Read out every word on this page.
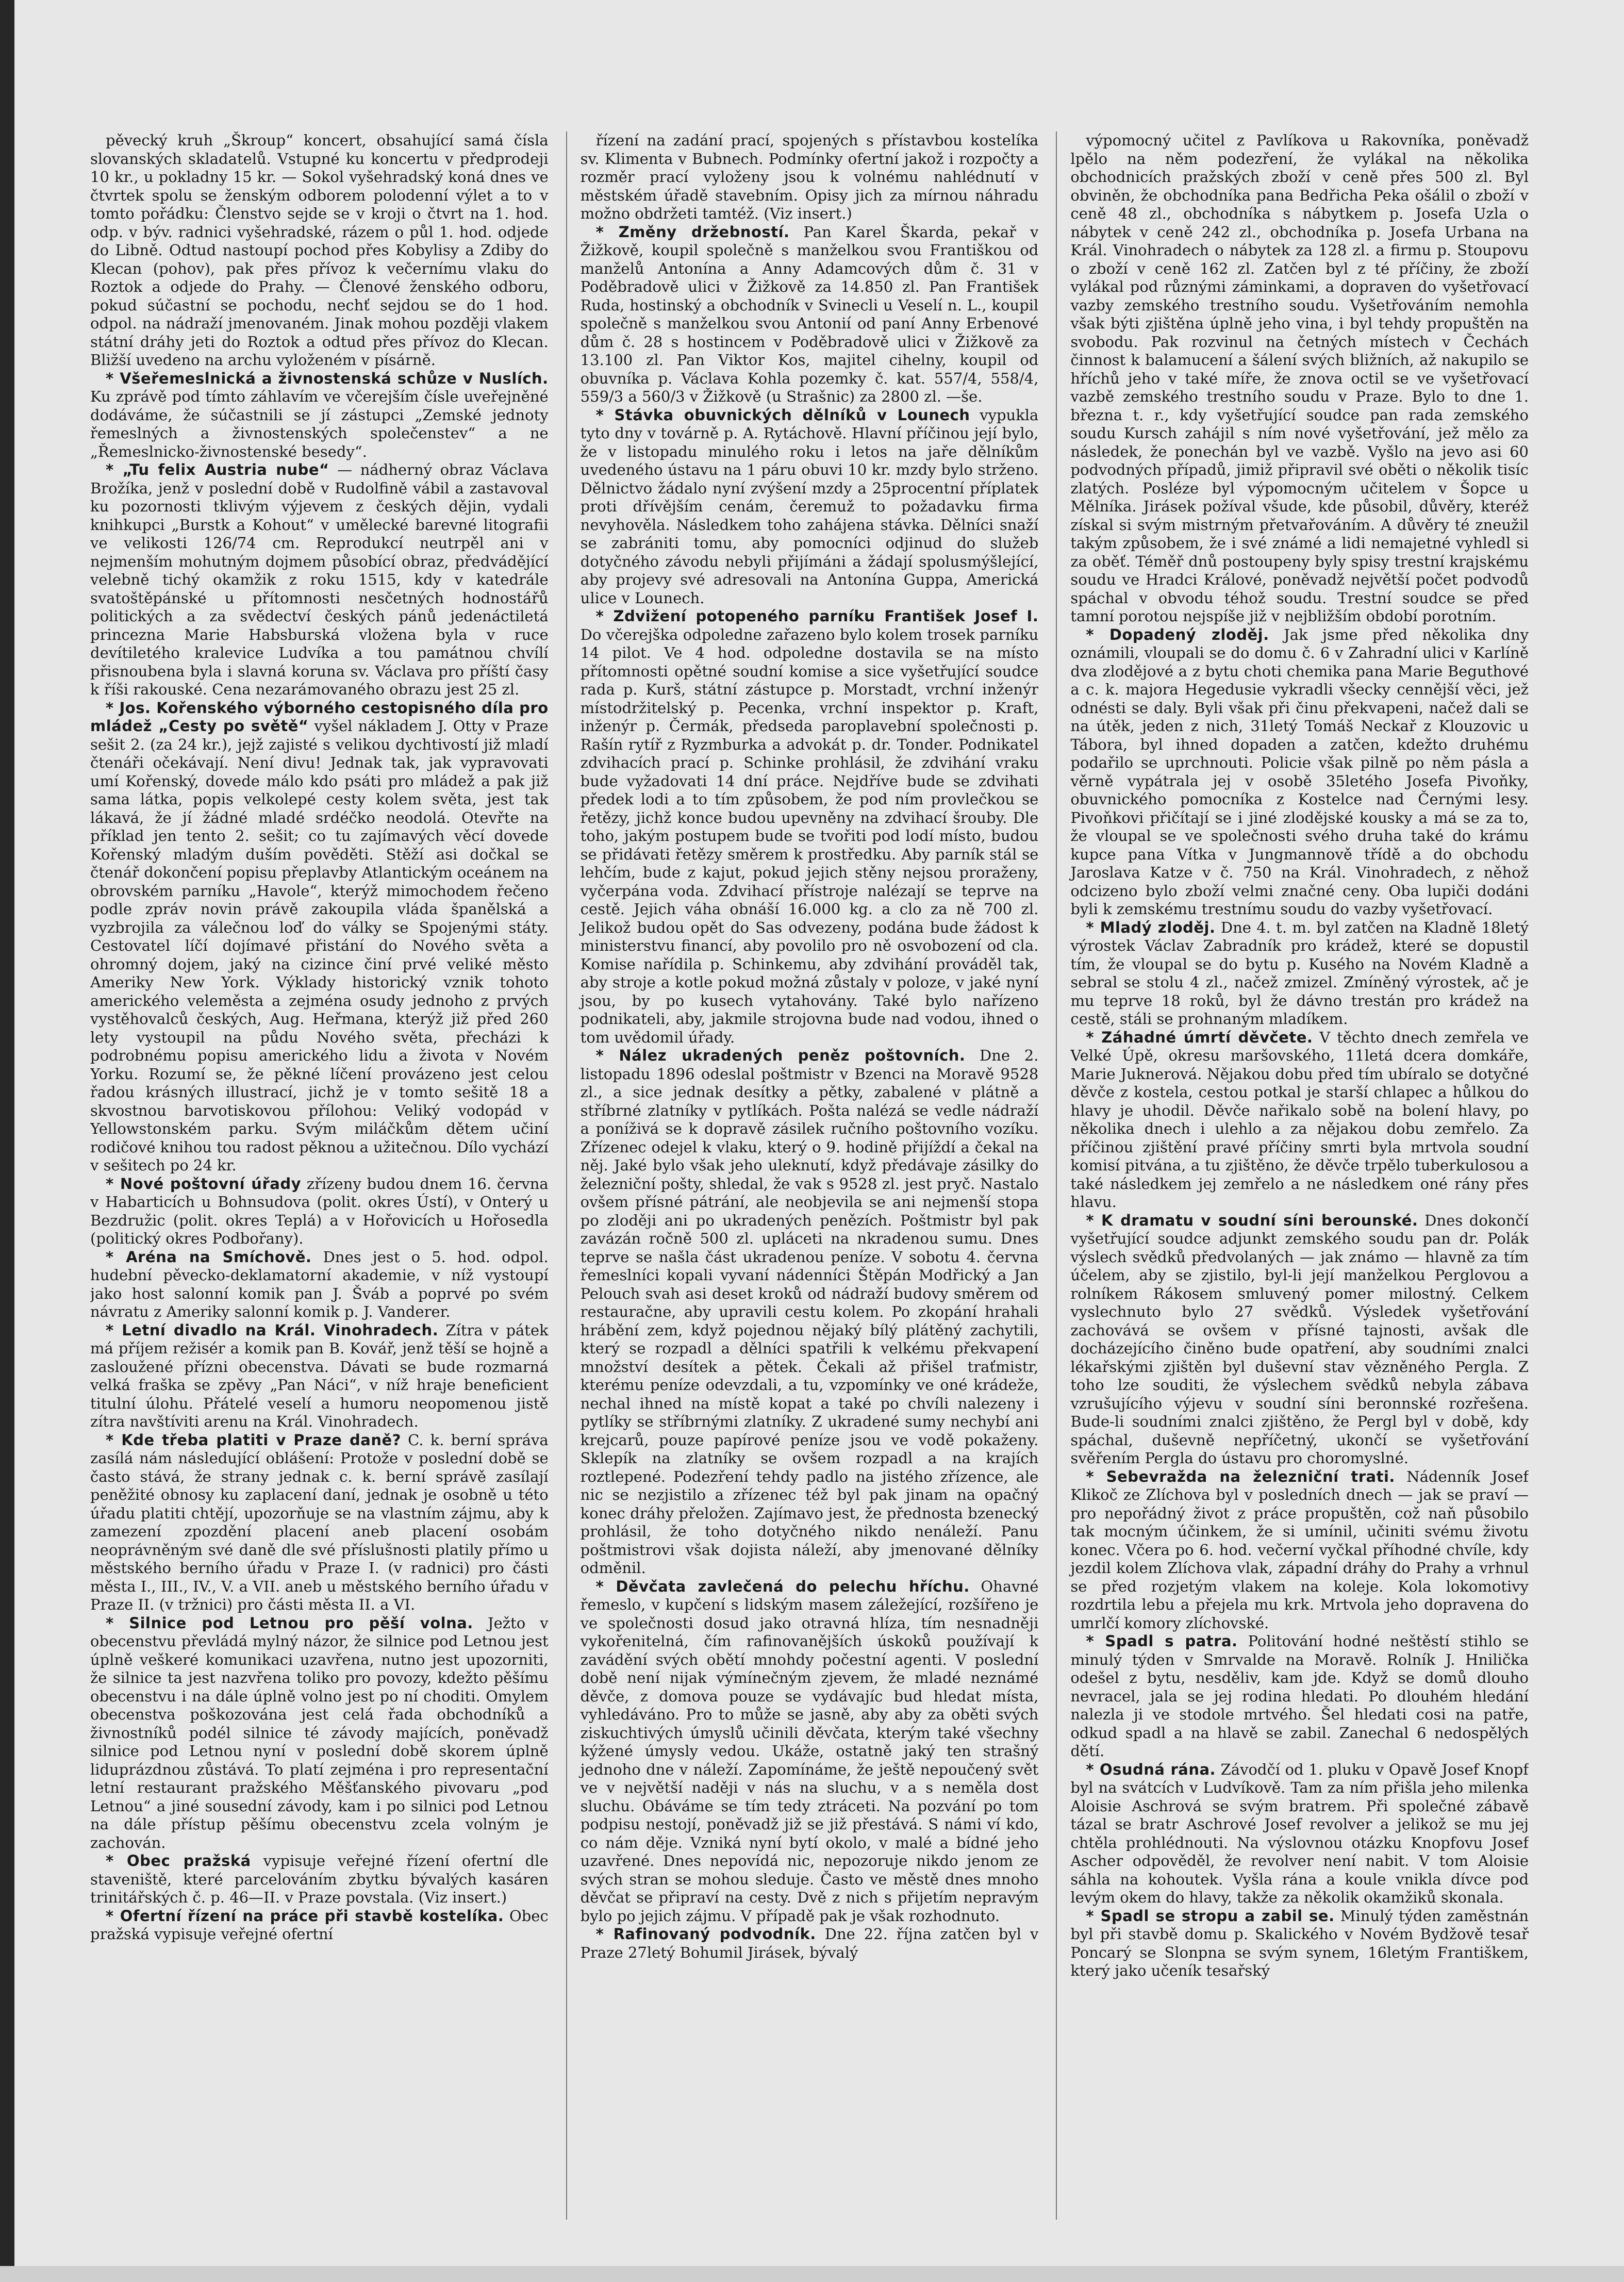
pěvecký kruh „Škroup“ koncert, obsahující samá čísla slovanských skladatelů. Vstupné ku koncertu v předprodeji 10 kr., u pokladny 15 kr. — Sokol vyšehradský koná dnes ve čtvrtek spolu se ženským odborem polodenní výlet a to v tomto pořádku: Členstvo sejde se v kroji o čtvrt na 1. hod. odp. v býv. radnici vyšehradské, rázem o půl 1. hod. odjede do Libně. Odtud nastoupí pochod přes Kobylisy a Zdiby do Klecan (pohov), pak přes přívoz k večernímu vlaku do Roztok a odjede do Prahy. — Členové ženského odboru, pokud súčastní se pochodu, nechť sejdou se do 1 hod. odpol. na nádraží jmenovaném. Jinak mohou později vlakem státní dráhy jeti do Roztok a odtud přes přívoz do Klecan. Bližší uvedeno na archu vyloženém v písárně.

* Všeřemeslnická a živnostenská schůze v Nuslích. Ku zprávě pod tímto záhlavím ve včerejším čísle uveřejněné dodáváme, že súčastnili se jí zástupci „Zemské jednoty řemeslných a živnostenských společenstev“ a ne „Řemeslnicko-živnostenské besedy“.

* „Tu felix Austria nube“ — nádherný obraz Václava Brožíka, jenž v poslední době v Rudolfině vábil a zastavoval ku pozornosti tklivým výjevem z českých dějin, vydali knihkupci „Burstk a Kohout“ v umělecké barevné litografii ve velikosti 126/74 cm. Reprodukcí neutrpěl ani v nejmenším mohutným dojmem působící obraz, předvádějící velebně tichý okamžik z roku 1515, kdy v katedrále svatoštěpánské u přítomnosti nesčetných hodnostářů politických a za svědectví českých pánů jedenáctiletá princezna Marie Habsburská vložena byla v ruce devítiletého kralevice Ludvíka a tou památnou chvílí přisnoubena byla i slavná koruna sv. Václava pro příští časy k říši rakouské. Cena nezarámovaného obrazu jest 25 zl.

* Jos. Kořenského výborného cestopisného díla pro mládež „Cesty po světě“ vyšel nákladem J. Otty v Praze sešit 2. (za 24 kr.), jejž zajisté s velikou dychtivostí již mladí čtenáři očekávají. Není divu! Jednak tak, jak vypravovati umí Kořenský, dovede málo kdo psáti pro mládež a pak již sama látka, popis velkolepé cesty kolem světa, jest tak lákavá, že jí žádné mladé srdéčko neodolá. Otevřte na příklad jen tento 2. sešit; co tu zajímavých věcí dovede Kořenský mladým duším pověděti. Stěží asi dočkal se čtenář dokončení popisu přeplavby Atlantickým oceánem na obrovském parníku „Havole“, kterýž mimochodem řečeno podle zpráv novin právě zakoupila vláda španělská a vyzbrojila za válečnou loď do války se Spojenými státy. Cestovatel líčí dojímavé přistání do Nového světa a ohromný dojem, jaký na cizince činí prvé veliké město Ameriky New York. Výklady historický vznik tohoto amerického veleměsta a zejména osudy jednoho z prvých vystěhovalců českých, Aug. Heřmana, kterýž již před 260 lety vystoupil na půdu Nového světa, přecházi k podrobnému popisu amerického lidu a života v Novém Yorku. Rozumí se, že pěkné líčení provázeno jest celou řadou krásných illustrací, jichž je v tomto sešitě 18 a skvostnou barvotiskovou přílohou: Veliký vodopád v Yellowstonském parku. Svým miláčkům dětem učiní rodičové knihou tou radost pěknou a užitečnou. Dílo vychází v sešitech po 24 kr.

* Nové poštovní úřady zřízeny budou dnem 16. června v Habarticích u Bohnsudova (polit. okres Ústí), v Onterý u Bezdružic (polit. okres Teplá) a v Hořovicích u Hořosedla (politický okres Podbořany).

* Aréna na Smíchově. Dnes jest o 5. hod. odpol. hudební pěvecko-deklamatorní akademie, v níž vystoupí jako host salonní komik pan J. Šváb a poprvé po svém návratu z Ameriky salonní komik p. J. Vanderer.

* Letní divadlo na Král. Vinohradech. Zítra v pátek má příjem režisér a komik pan B. Kovář, jenž těší se hojně a zasloužené přízni obecenstva. Dávati se bude rozmarná velká fraška se zpěvy „Pan Náci“, v níž hraje beneficient titulní úlohu. Přátelé veselí a humoru neopomenou jistě zítra navštíviti arenu na Král. Vinohradech.

* Kde třeba platiti v Praze daně? C. k. berní správa zasílá nám následující oblášení: Protože v poslední době se často stává, že strany jednak c. k. berní správě zasílají peněžité obnosy ku zaplacení daní, jednak je osobně u této úřadu platiti chtějí, upozorňuje se na vlastním zájmu, aby k zamezení zpozdění placení aneb placení osobám neoprávněným své daně dle své příslušnosti platily přímo u městského berního úřadu v Praze I. (v radnici) pro části města I., III., IV., V. a VII. aneb u městského berního úřadu v Praze II. (v tržnici) pro části města II. a VI.

* Silnice pod Letnou pro pěší volna. Ježto v obecenstvu převládá mylný názor, že silnice pod Letnou jest úplně veškeré komunikaci uzavřena, nutno jest upozorniti, že silnice ta jest nazvřena toliko pro povozy, kdežto pěšímu obecenstvu i na dále úplně volno jest po ní choditi. Omylem obecenstva poškozována jest celá řada obchodníků a živnostníků podél silnice té závody majících, poněvadž silnice pod Letnou nyní v poslední době skorem úplně liduprázdnou zůstává. To platí zejména i pro representační letní restaurant pražského Měšťanského pivovaru „pod Letnou“ a jiné sousední závody, kam i po silnici pod Letnou na dále přístup pěšímu obecenstvu zcela volným je zachován.

* Obec pražská vypisuje veřejné řízení ofertní dle staveniště, které parcelováním zbytku bývalých kasáren trinitářských č. p. 46—II. v Praze povstala. (Viz insert.)

* Ofertní řízení na práce při stavbě kostelíka. Obec pražská vypisuje veřejné ofertní

řízení na zadání prací, spojených s přístavbou kostelíka sv. Klimenta v Bubnech. Podmínky ofertní jakož i rozpočty a rozměr prací vyloženy jsou k volnému nahlédnutí v městském úřadě stavebním. Opisy jich za mírnou náhradu možno obdržeti tamtéž. (Viz insert.)

* Změny držebností. Pan Karel Škarda, pekař v Žižkově, koupil společně s manželkou svou Františkou od manželů Antonína a Anny Adamcových dům č. 31 v Poděbradově ulici v Žižkově za 14.850 zl. Pan František Ruda, hostinský a obchodník v Svinecli u Veselí n. L., koupil společně s manželkou svou Antonií od paní Anny Erbenové dům č. 28 s hostincem v Poděbradově ulici v Žižkově za 13.100 zl. Pan Viktor Kos, majitel cihelny, koupil od obuvníka p. Václava Kohla pozemky č. kat. 557/4, 558/4, 559/3 a 560/3 v Žižkově (u Strašnic) za 2800 zl. —še.

* Stávka obuvnických dělníků v Lounech vypukla tyto dny v továrně p. A. Rytáchově. Hlavní příčinou její bylo, že v listopadu minulého roku i letos na jaře dělníkům uvedeného ústavu na 1 páru obuvi 10 kr. mzdy bylo strženo. Dělnictvo žádalo nyní zvýšení mzdy a 25procentní příplatek proti dřívějším cenám, čeremuž to požadavku firma nevyhověla. Následkem toho zahájena stávka. Dělníci snaží se zabrániti tomu, aby pomocníci odjinud do služeb dotyčného závodu nebyli přijímáni a žádají spolusmýšlející, aby projevy své adresovali na Antonína Guppa, Americká ulice v Lounech.

* Zdvižení potopeného parníku František Josef I. Do včerejška odpoledne zařazeno bylo kolem trosek parníku 14 pilot. Ve 4 hod. odpoledne dostavila se na místo přítomnosti opětné soudní komise a sice vyšetřující soudce rada p. Kurš, státní zástupce p. Morstadt, vrchní inženýr místodržitelský p. Pecenka, vrchní inspektor p. Kraft, inženýr p. Čermák, předseda paroplavební společnosti p. Rašín rytíř z Ryzmburka a advokát p. dr. Tonder. Podnikatel zdvihacích prací p. Schinke prohlásil, že zdvihání vraku bude vyžadovati 14 dní práce. Nejdříve bude se zdvihati předek lodi a to tím způsobem, že pod ním provlečkou se řetězy, jichž konce budou upevněny na zdvihací šrouby. Dle toho, jakým postupem bude se tvořiti pod lodí místo, budou se přidávati řetězy směrem k prostředku. Aby parník stál se lehčím, bude z kajut, pokud jejich stěny nejsou proraženy, vyčerpána voda. Zdvihací přístroje nalézají se teprve na cestě. Jejich váha obnáší 16.000 kg. a clo za ně 700 zl. Jelikož budou opět do Sas odvezeny, podána bude žádost k ministerstvu financí, aby povolilo pro ně osvobození od cla. Komise nařídila p. Schinkemu, aby zdvihání prováděl tak, aby stroje a kotle pokud možná zůstaly v poloze, v jaké nyní jsou, by po kusech vytahovány. Také bylo nařízeno podnikateli, aby, jakmile strojovna bude nad vodou, ihned o tom uvědomil úřady.

* Nález ukradených peněz poštovních. Dne 2. listopadu 1896 odeslal poštmistr v Bzenci na Moravě 9528 zl., a sice jednak desítky a pětky, zabalené v plátně a stříbrné zlatníky v pytlíkách. Pošta nalézá se vedle nádraží a poníživá se k dopravě zásilek ručního poštovního vozíku. Zřízenec odejel k vlaku, který o 9. hodině přijíždí a čekal na něj. Jaké bylo však jeho uleknutí, když předávaje zásilky do železniční pošty, shledal, že vak s 9528 zl. jest pryč. Nastalo ovšem přísné pátrání, ale neobjevila se ani nejmenší stopa po zloději ani po ukradených penězích. Poštmistr byl pak zavázán ročně 500 zl. upláceti na nkradenou sumu. Dnes teprve se našla část ukradenou peníze. V sobotu 4. června řemeslníci kopali vyvaní nádenníci Štěpán Modřický a Jan Pelouch svah asi deset kroků od nádraží budovy směrem od restauračne, aby upravili cestu kolem. Po zkopání hrahali hrábění zem, když pojednou nějaký bílý plátěný zachytili, který se rozpadl a dělníci spatřili k velkému překvapení množství desítek a pětek. Čekali až přišel traťmistr, kterému peníze odevzdali, a tu, vzpomínky ve oné krádeže, nechal ihned na místě kopat a také po chvíli nalezeny i pytlíky se stříbrnými zlatníky. Z ukradené sumy nechybí ani krejcarů, pouze papírové peníze jsou ve vodě pokaženy. Sklepík na zlatníky se ovšem rozpadl a na krajích roztlepené. Podezření tehdy padlo na jistého zřízence, ale nic se nezjistilo a zřízenec též byl pak jinam na opačný konec dráhy přeložen. Zajímavo jest, že přednosta bzenecký prohlásil, že toho dotyčného nikdo nenáleží. Panu poštmistrovi však dojista náleží, aby jmenované dělníky odměnil.

* Děvčata zavlečená do pelechu hříchu. Ohavné řemeslo, v kupčení s lidským masem záležející, rozšířeno je ve společnosti dosud jako otravná hlíza, tím nesnadněji vykořenitelná, čím rafinovanějších úskoků používají k zavádění svých obětí mnohdy počestní agenti. V poslední době není nijak výmínečným zjevem, že mladé neznámé děvče, z domova pouze se vydávajíc bud hledat místa, vyhledáváno. Pro to může se jasně, aby aby za oběti svých ziskuchtivých úmyslů učinili děvčata, kterým také všechny kýžené úmysly vedou. Ukáže, ostatně jaký ten strašný jednoho dne v náleží. Zapomínáme, že ještě nepoučený svět ve v největší naději v nás na sluchu, v a s neměla dost sluchu. Obáváme se tím tedy ztráceti. Na pozvání po tom podpisu nestojí, poněvadž již se již přestává. S námi ví kdo, co nám děje. Vzniká nyní bytí okolo, v malé a bídné jeho uzavřené. Dnes nepovídá nic, nepozoruje nikdo jenom ze svých stran se mohou sleduje. Často ve městě dnes mnoho děvčat se připraví na cesty. Dvě z nich s přijetím nepravým bylo po jejich zájmu. V případě pak je však rozhodnuto.

* Rafinovaný podvodník. Dne 22. října zatčen byl v Praze 27letý Bohumil Jirásek, bývalý

výpomocný učitel z Pavlíkova u Rakovníka, poněvadž lpělo na něm podezření, že vylákal na několika obchodnicích pražských zboží v ceně přes 500 zl. Byl obviněn, že obchodníka pana Bedřicha Peka ošálil o zboží v ceně 48 zl., obchodníka s nábytkem p. Josefa Uzla o nábytek v ceně 242 zl., obchodníka p. Josefa Urbana na Král. Vinohradech o nábytek za 128 zl. a firmu p. Stoupovu o zboží v ceně 162 zl. Zatčen byl z té příčiny, že zboží vylákal pod různými záminkami, a dopraven do vyšetřovací vazby zemského trestního soudu. Vyšetřováním nemohla však býti zjištěna úplně jeho vina, i byl tehdy propuštěn na svobodu. Pak rozvinul na četných místech v Čechách činnost k balamucení a šálení svých bližních, až nakupilo se hříchů jeho v také míře, že znova octil se ve vyšetřovací vazbě zemského trestního soudu v Praze. Bylo to dne 1. března t. r., kdy vyšetřující soudce pan rada zemského soudu Kursch zahájil s ním nové vyšetřování, jež mělo za následek, že ponechán byl ve vazbě. Vyšlo na jevo asi 60 podvodných případů, jimiž připravil své oběti o několik tisíc zlatých. Posléze byl výpomocným učitelem v Šopce u Mělníka. Jirásek požíval všude, kde působil, důvěry, kteréž získal si svým mistrným přetvařováním. A důvěry té zneužil takým způsobem, že i své známé a lidi nemajetné vyhledl si za oběť. Téměř dnů postoupeny byly spisy trestní krajskému soudu ve Hradci Králové, poněvadž největší počet podvodů spáchal v obvodu téhož soudu. Trestní soudce se před tamní porotou nejspíše již v nejbližším období porotním.

* Dopadený zloděj. Jak jsme před několika dny oznámili, vloupali se do domu č. 6 v Zahradní ulici v Karlíně dva zlodějové a z bytu choti chemika pana Marie Beguthové a c. k. majora Hegedusie vykradli všecky cennější věci, jež odnésti se daly. Byli však při činu překvapeni, načež dali se na útěk, jeden z nich, 31letý Tomáš Neckař z Klouzovic u Tábora, byl ihned dopaden a zatčen, kdežto druhému podařilo se uprchnouti. Policie však pilně po něm pásla a věrně vypátrala jej v osobě 35letého Josefa Pivoňky, obuvnického pomocníka z Kostelce nad Černými lesy. Pivoňkovi přičítají se i jiné zlodějské kousky a má se za to, že vloupal se ve společnosti svého druha také do krámu kupce pana Vítka v Jungmannově třídě a do obchodu Jaroslava Katze v č. 750 na Král. Vinohradech, z něhož odcizeno bylo zboží velmi značné ceny. Oba lupiči dodáni byli k zemskému trestnímu soudu do vazby vyšetřovací.

* Mladý zloděj. Dne 4. t. m. byl zatčen na Kladně 18letý výrostek Václav Zabradník pro krádež, které se dopustil tím, že vloupal se do bytu p. Kusého na Novém Kladně a sebral se stolu 4 zl., načež zmizel. Zmíněný výrostek, ač je mu teprve 18 roků, byl že dávno trestán pro krádež na cestě, stáli se prohnaným mladíkem.

* Záhadné úmrtí děvčete. V těchto dnech zemřela ve Velké Úpě, okresu maršovského, 11letá dcera domkáře, Marie Juknerová. Nějakou dobu před tím ubíralo se dotyčné děvče z kostela, cestou potkal je starší chlapec a hůlkou do hlavy je uhodil. Děvče nařikalo sobě na bolení hlavy, po několika dnech i ulehlo a za nějakou dobu zemřelo. Za příčinou zjištění pravé příčiny smrti byla mrtvola soudní komisí pitvána, a tu zjištěno, že děvče trpělo tuberkulosou a také následkem jej zemřelo a ne následkem oné rány přes hlavu.

* K dramatu v soudní síni berounské. Dnes dokončí vyšetřující soudce adjunkt zemského soudu pan dr. Polák výslech svědků předvolaných — jak známo — hlavně za tím účelem, aby se zjistilo, byl-li její manželkou Perglovou a rolníkem Rákosem smluvený pomer milostný. Celkem vyslechnuto bylo 27 svědků. Výsledek vyšetřování zachovává se ovšem v přísné tajnosti, avšak dle docházejícího činěno bude opatření, aby soudními znalci lékařskými zjištěn byl duševní stav vězněného Pergla. Z toho lze souditi, že výslechem svědků nebyla zábava vzrušujícího výjevu v soudní síni beronnské rozřešena. Bude-li soudními znalci zjištěno, že Pergl byl v době, kdy spáchal, duševně nepříčetný, ukončí se vyšetřování svěřením Pergla do ústavu pro choromyslné.

* Sebevražda na železniční trati. Nádenník Josef Klikoč ze Zlíchova byl v posledních dnech — jak se praví — pro nepořádný život z práce propuštěn, což naň působilo tak mocným účinkem, že si umínil, učiniti svému životu konec. Včera po 6. hod. večerní vyčkal příhodné chvíle, kdy jezdil kolem Zlíchova vlak, západní dráhy do Prahy a vrhnul se před rozjetým vlakem na koleje. Kola lokomotivy rozdrtila lebu a přejela mu krk. Mrtvola jeho dopravena do umrlčí komory zlíchovské.

* Spadl s patra. Politování hodné neštěstí stihlo se minulý týden v Smrvalde na Moravě. Rolník J. Hnilička odešel z bytu, nesděliv, kam jde. Když se domů dlouho nevracel, jala se jej rodina hledati. Po dlouhém hledání nalezla ji ve stodole mrtvého. Šel hledati cosi na patře, odkud spadl a na hlavě se zabil. Zanechal 6 nedospělých dětí.

* Osudná rána. Závodčí od 1. pluku v Opavě Josef Knopf byl na svátcích v Ludvíkově. Tam za ním přišla jeho milenka Aloisie Aschrová se svým bratrem. Při společné zábavě tázal se bratr Aschrové Josef revolver a jelikož se mu jej chtěla prohlédnouti. Na výslovnou otázku Knopfovu Josef Ascher odpověděl, že revolver není nabit. V tom Aloisie sáhla na kohoutek. Vyšla rána a koule vnikla dívce pod levým okem do hlavy, takže za několik okamžiků skonala.

* Spadl se stropu a zabil se. Minulý týden zaměstnán byl při stavbě domu p. Skalického v Novém Bydžově tesař Poncarý se Slonpna se svým synem, 16letým Františkem, který jako učeník tesařský
